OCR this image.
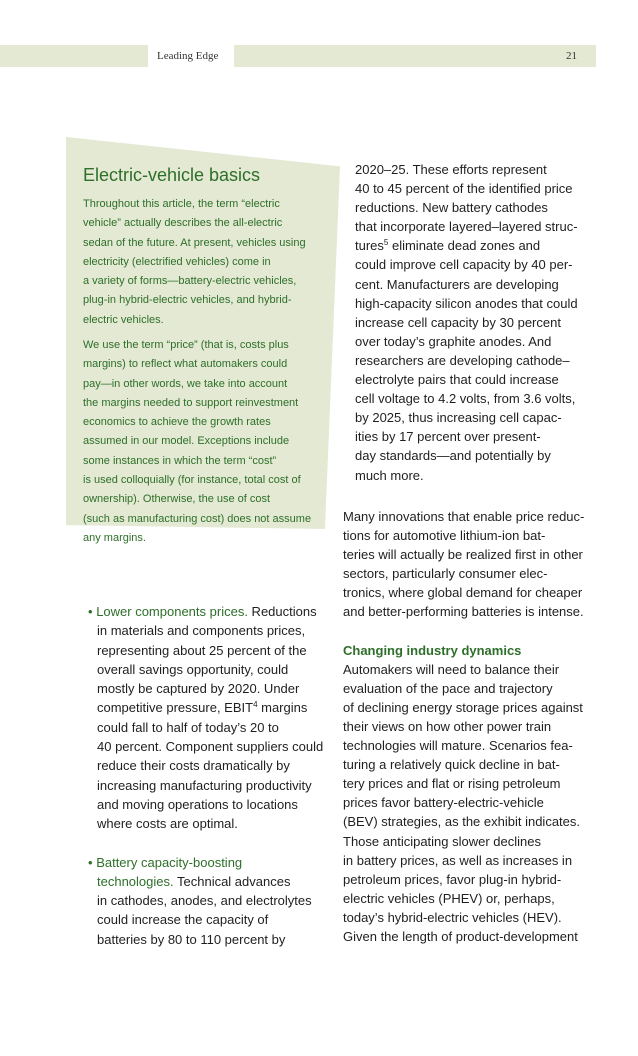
Leading Edge	21
Electric-vehicle basics

Throughout this article, the term “electric
vehicle” actually describes the all-electric
sedan of the future. At present, vehicles using
electricity (electrified vehicles) come in
a variety of forms—battery-electric vehicles,
plug-in hybrid-electric vehicles, and hybrid-
electric vehicles.

We use the term “price” (that is, costs plus
margins) to reflect what automakers could
pay—in other words, we take into account
the margins needed to support reinvestment
economics to achieve the growth rates
assumed in our model. Exceptions include
some instances in which the term “cost”
is used colloquially (for instance, total cost of
ownership). Otherwise, the use of cost
(such as manufacturing cost) does not assume
any margins.

• Lower components prices. Reductions
in materials and components prices,
representing about 25 percent of the
overall savings opportunity, could
mostly be captured by 2020. Under
competitive pressure, EBIT$^4$ margins
could fall to half of today’s 20 to
40 percent. Component suppliers could
reduce their costs dramatically by
increasing manufacturing productivity
and moving operations to locations
where costs are optimal.

• Battery capacity-boosting
technologies. Technical advances
in cathodes, anodes, and electrolytes
could increase the capacity of
batteries by 80 to 110 percent by

2020–25. These efforts represent
40 to 45 percent of the identified price
reductions. New battery cathodes
that incorporate layered–layered struc-
tures$^5$ eliminate dead zones and
could improve cell capacity by 40 per-
cent. Manufacturers are developing
high-capacity silicon anodes that could
increase cell capacity by 30 percent
over today’s graphite anodes. And
researchers are developing cathode–
electrolyte pairs that could increase
cell voltage to 4.2 volts, from 3.6 volts,
by 2025, thus increasing cell capac-
ities by 17 percent over present-
day standards—and potentially by
much more.

Many innovations that enable price reduc-
tions for automotive lithium-ion bat-
teries will actually be realized first in other
sectors, particularly consumer elec-
tronics, where global demand for cheaper
and better-performing batteries is intense.

Changing industry dynamics

Automakers will need to balance their
evaluation of the pace and trajectory
of declining energy storage prices against
their views on how other power train
technologies will mature. Scenarios fea-
turing a relatively quick decline in bat-
tery prices and flat or rising petroleum
prices favor battery-electric-vehicle
(BEV) strategies, as the exhibit indicates.
Those anticipating slower declines
in battery prices, as well as increases in
petroleum prices, favor plug-in hybrid-
electric vehicles (PHEV) or, perhaps,
today’s hybrid-electric vehicles (HEV).
Given the length of product-development
